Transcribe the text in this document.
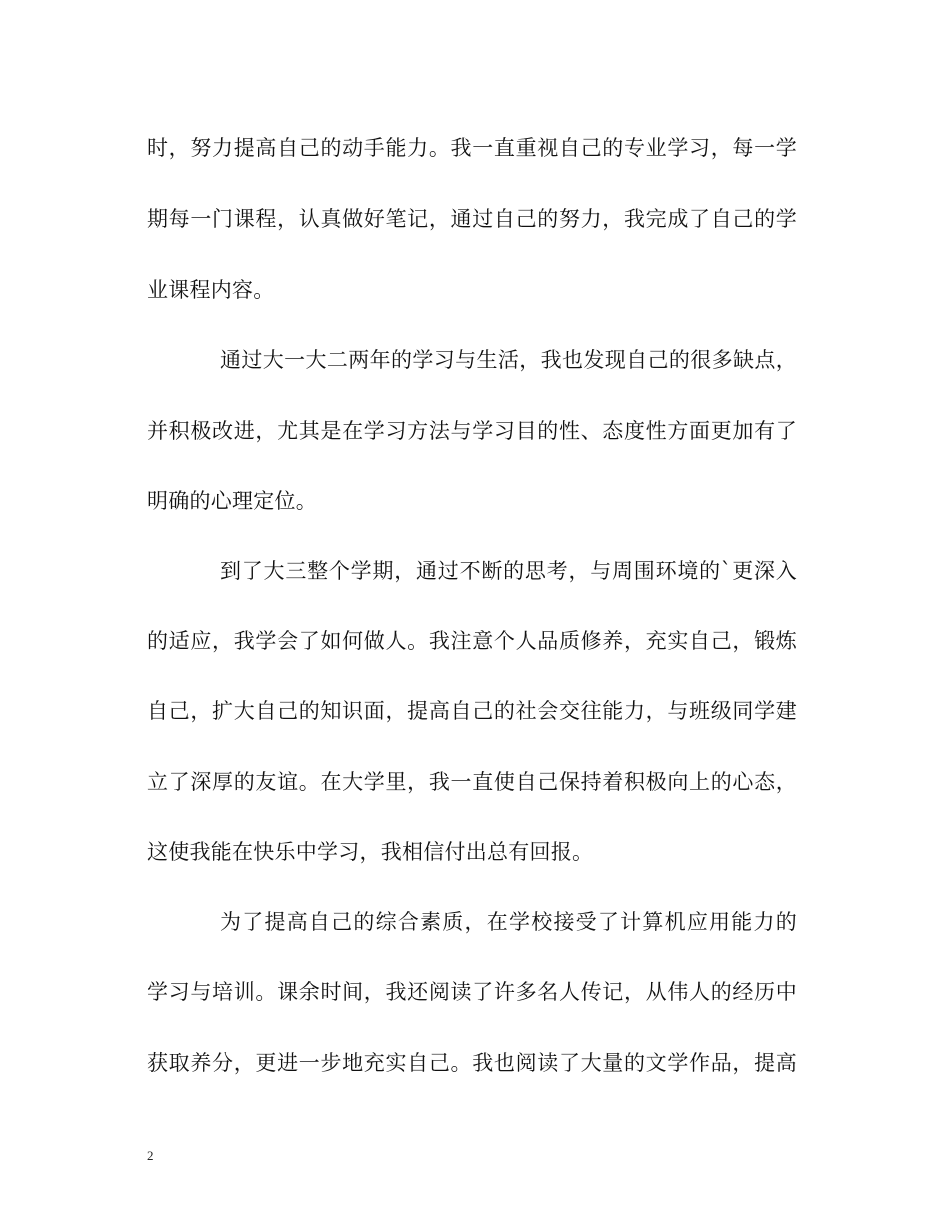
时，努力提高自己的动手能力。我一直重视自己的专业学习，每一学
期每一门课程，认真做好笔记，通过自己的努力，我完成了自己的学
业课程内容。
通过大一大二两年的学习与生活，我也发现自己的很多缺点，
并积极改进，尤其是在学习方法与学习目的性、态度性方面更加有了
明确的心理定位。
到了大三整个学期，通过不断的思考，与周围环境的`更深入
的适应，我学会了如何做人。我注意个人品质修养，充实自己，锻炼
自己，扩大自己的知识面，提高自己的社会交往能力，与班级同学建
立了深厚的友谊。在大学里，我一直使自己保持着积极向上的心态，
这使我能在快乐中学习，我相信付出总有回报。
为了提高自己的综合素质，在学校接受了计算机应用能力的
学习与培训。课余时间，我还阅读了许多名人传记，从伟人的经历中
获取养分，更进一步地充实自己。我也阅读了大量的文学作品，提高
2
